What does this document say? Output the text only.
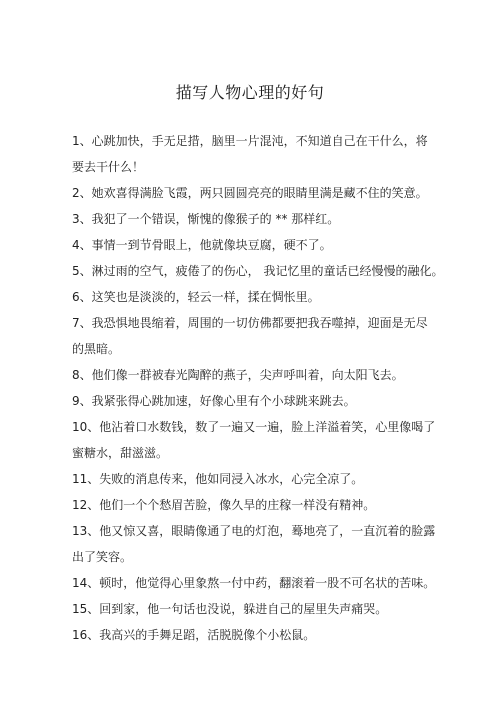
描写人物心理的好句
1、心跳加快，手无足措，脑里一片混沌，不知道自己在干什么，将
要去干什么！
2、她欢喜得满脸飞霞，两只圆圆亮亮的眼睛里满是藏不住的笑意。
3、我犯了一个错误，惭愧的像猴子的 ** 那样红。
4、事情一到节骨眼上，他就像块豆腐，硬不了。
5、淋过雨的空气，疲倦了的伤心， 我记忆里的童话已经慢慢的融化。
6、这笑也是淡淡的，轻云一样，揉在惆怅里。
7、我恐惧地畏缩着，周围的一切仿佛都要把我吞噬掉，迎面是无尽
的黑暗。
8、他们像一群被春光陶醉的燕子，尖声呼叫着，向太阳飞去。
9、我紧张得心跳加速，好像心里有个小球跳来跳去。
10、他沾着口水数钱，数了一遍又一遍，脸上洋溢着笑，心里像喝了
蜜糖水，甜滋滋。
11、失败的消息传来，他如同浸入冰水，心完全凉了。
12、他们一个个愁眉苦脸，像久旱的庄稼一样没有精神。
13、他又惊又喜，眼睛像通了电的灯泡，蓦地亮了，一直沉着的脸露
出了笑容。
14、顿时，他觉得心里象熬一付中药，翻滚着一股不可名状的苦味。
15、回到家，他一句话也没说，躲进自己的屋里失声痛哭。
16、我高兴的手舞足蹈，活脱脱像个小松鼠。
